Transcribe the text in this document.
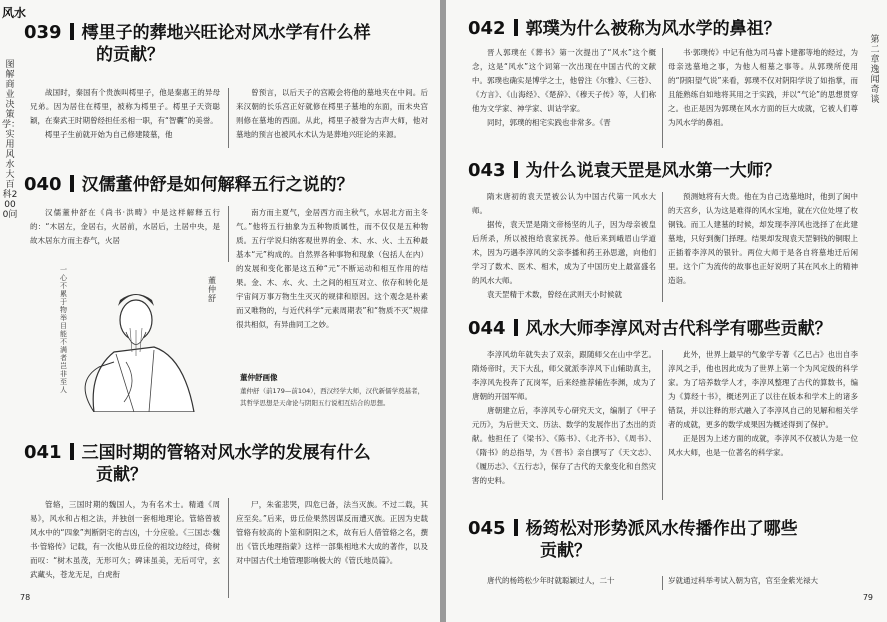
风水
图解商业决策学：实用风水大百科2000问
039 樗里子的葬地兴旺论对风水学有什么样
的贡献？

战国时，秦国有个贵族叫樗里子，他是秦惠王的异母兄弟。因为居住在樗里，被称为樗里子。樗里子天资聪颖，在秦武王时期曾经担任丞相一职，有“智囊”的美誉。

樗里子生前就开始为自己修建陵墓，他

曾预言，以后天子的宫殿会将他的墓地夹在中间。后来汉朝的长乐宫正好就修在樗里子墓地的东面，而未央宫则修在墓地的西面。从此，樗里子被誉为古声大师，他对墓地的预言也被风水术认为是葬地兴旺论的来源。

040 汉儒董仲舒是如何解释五行之说的？

汉儒董仲舒在《尚书·洪畴》中是这样解释五行的：“木居左，金居右，火居前，水居后，土居中央，是故木居东方而主春气，火居

南方而主夏气，金居西方而主秋气，水居北方而主冬气。”他将五行抽象为五种物质属性，而不仅仅是五种物质。五行学说归纳客观世界的金、木、水、火、土五种最基本“元”构成的。自然界各种事物和现象（包括人在内）的发展和变化都是这五种“元”不断运动和相互作用的结果。金、木、水、火、土之间的相互对立、依存和转化是宇宙间万事万物生生灭灭的规律和原因。这个观念是朴素而又唯物的，与近代科学“元素周期表”和“物质不灭”规律很共相似，有异曲同工之妙。

一心不累于物举目能不满者岂非至人
董仲舒
董仲舒画像
董仲舒（前179—前104），西汉经学大师，汉代新儒学奠基者，其哲学思想是天命论与阴阳五行说相互结合的思想。
041 三国时期的管辂对风水学的发展有什么
贡献？

管辂，三国时期的魏国人，为有名术士。精通《周易》，风水和占相之法，并独创一套相地理论。管辂曾被风水中的“四象”判断阴宅的吉凶，十分应验。《三国志·魏书·管辂传》记载，有一次他从毋丘俭的祖坟边经过，倚树而叹：“树木虽茂，无形可久；碑诔虽美，无后可守，玄武藏头，苍龙无足，白虎衔

尸，朱雀悲哭，四危已备，法当灭族。不过二载，其应至矣。”后来，毋丘俭果然因谋反而遭灭族。正因为史载管辂有较高的卜筮和阴阳之术，故有后人借管辂之名，撰出《管氏地理指蒙》这样一部集相地术大成的著作，以及对中国古代土地管理影响极大的《管氏地员篇》。

78
第二章 逸闻奇谈
042 郭璞为什么被称为风水学的鼻祖？

晋人郭璞在《葬书》第一次提出了“风水”这个概念，这是“风水”这个词第一次出现在中国古代的文献中。郭璞也确实是博学之士，他曾注《尔雅》、《三苍》、《方言》、《山海经》、《楚辞》、《穆天子传》等，人们称他为文学家、神学家、训诂学家。

同时，郭璞的相宅实践也非常多。《晋

书·郭璞传》中记有他为司马睿卜建都等地的经过，为母亲选墓地之事，为他人相墓之事等。从郭璞所使用的“阴阳望气说”来看，郭璞不仅对阴阳学说了如指掌，而且能熟练自如地将其用之于实践，并以“气论”的思想贯穿之。也正是因为郭璞在风水方面的巨大成就，它被人们尊为风水学的鼻祖。

043 为什么说袁天罡是风水第一大师？

隋末唐初的袁天罡被公认为中国古代第一风水大师。

据传，袁天罡是隋文帝杨坚的儿子，因为母亲被皇后所杀，所以被抱给袁家抚养。他后来到峨眉山学道术，因为巧遇李淳风的父亲李播和药王孙思邈，向他们学习了数术、医术、相术，成为了中国历史上最富盛名的风水大师。

袁天罡精于术数，曾经在武则天小时候就

预测她将有大贵。他在为自己选墓地时，他到了闽中的天宫乡，认为这是难得的风水宝地，就在穴位处埋了枚铜钱。而工人建墓的时候，却发现李淳风也选择了在此建墓地，只好到衡门择理。结果却发现袁天罡铜钱的铜眼上正插着李淳风的银针。两位大师于是各自将墓地迁后闲里。这个广为流传的故事也正好说明了其在风水上的精神造诣。

044 风水大师李淳风对古代科学有哪些贡献？

李淳风幼年就失去了双亲，跟随师父在山中学艺。隋炀帝时，天下大乱，师父就派李淳风下山辅助真主，李淳风先投奔了瓦岗军，后来经推荐辅佐李渊，成为了唐朝的开国军师。

唐朝建立后，李淳风专心研究天文，编制了《甲子元历》，为后世天文、历法、数学的发展作出了杰出的贡献。他担任了《梁书》、《陈书》、《北齐书》、《周书》、《隋书》的总指导，为《晋书》亲自撰写了《天文志》、《履历志》、《五行志》，保存了古代的天象变化和自然灾害的史料。

此外，世界上最早的气象学专著《乙巳占》也出自李淳风之手，他也因此成为了世界上第一个为风定级的科学家。为了培养数学人才，李淳风整理了古代的算数书，编为《算经十书》，概述列正了以往在版本和学术上的诸多错误，并以注释的形式融入了李淳风自己的见解和相关学者的成就，更多的数学成果因为概述得到了保护。

正是因为上述方面的成就，李淳风不仅被认为是一位风水大师，也是一位著名的科学家。

045 杨筠松对形势派风水传播作出了哪些
贡献？

唐代的杨筠松少年时就聪颖过人，二十	岁就通过科举考试入朝为官，官至金紫光禄大

79
